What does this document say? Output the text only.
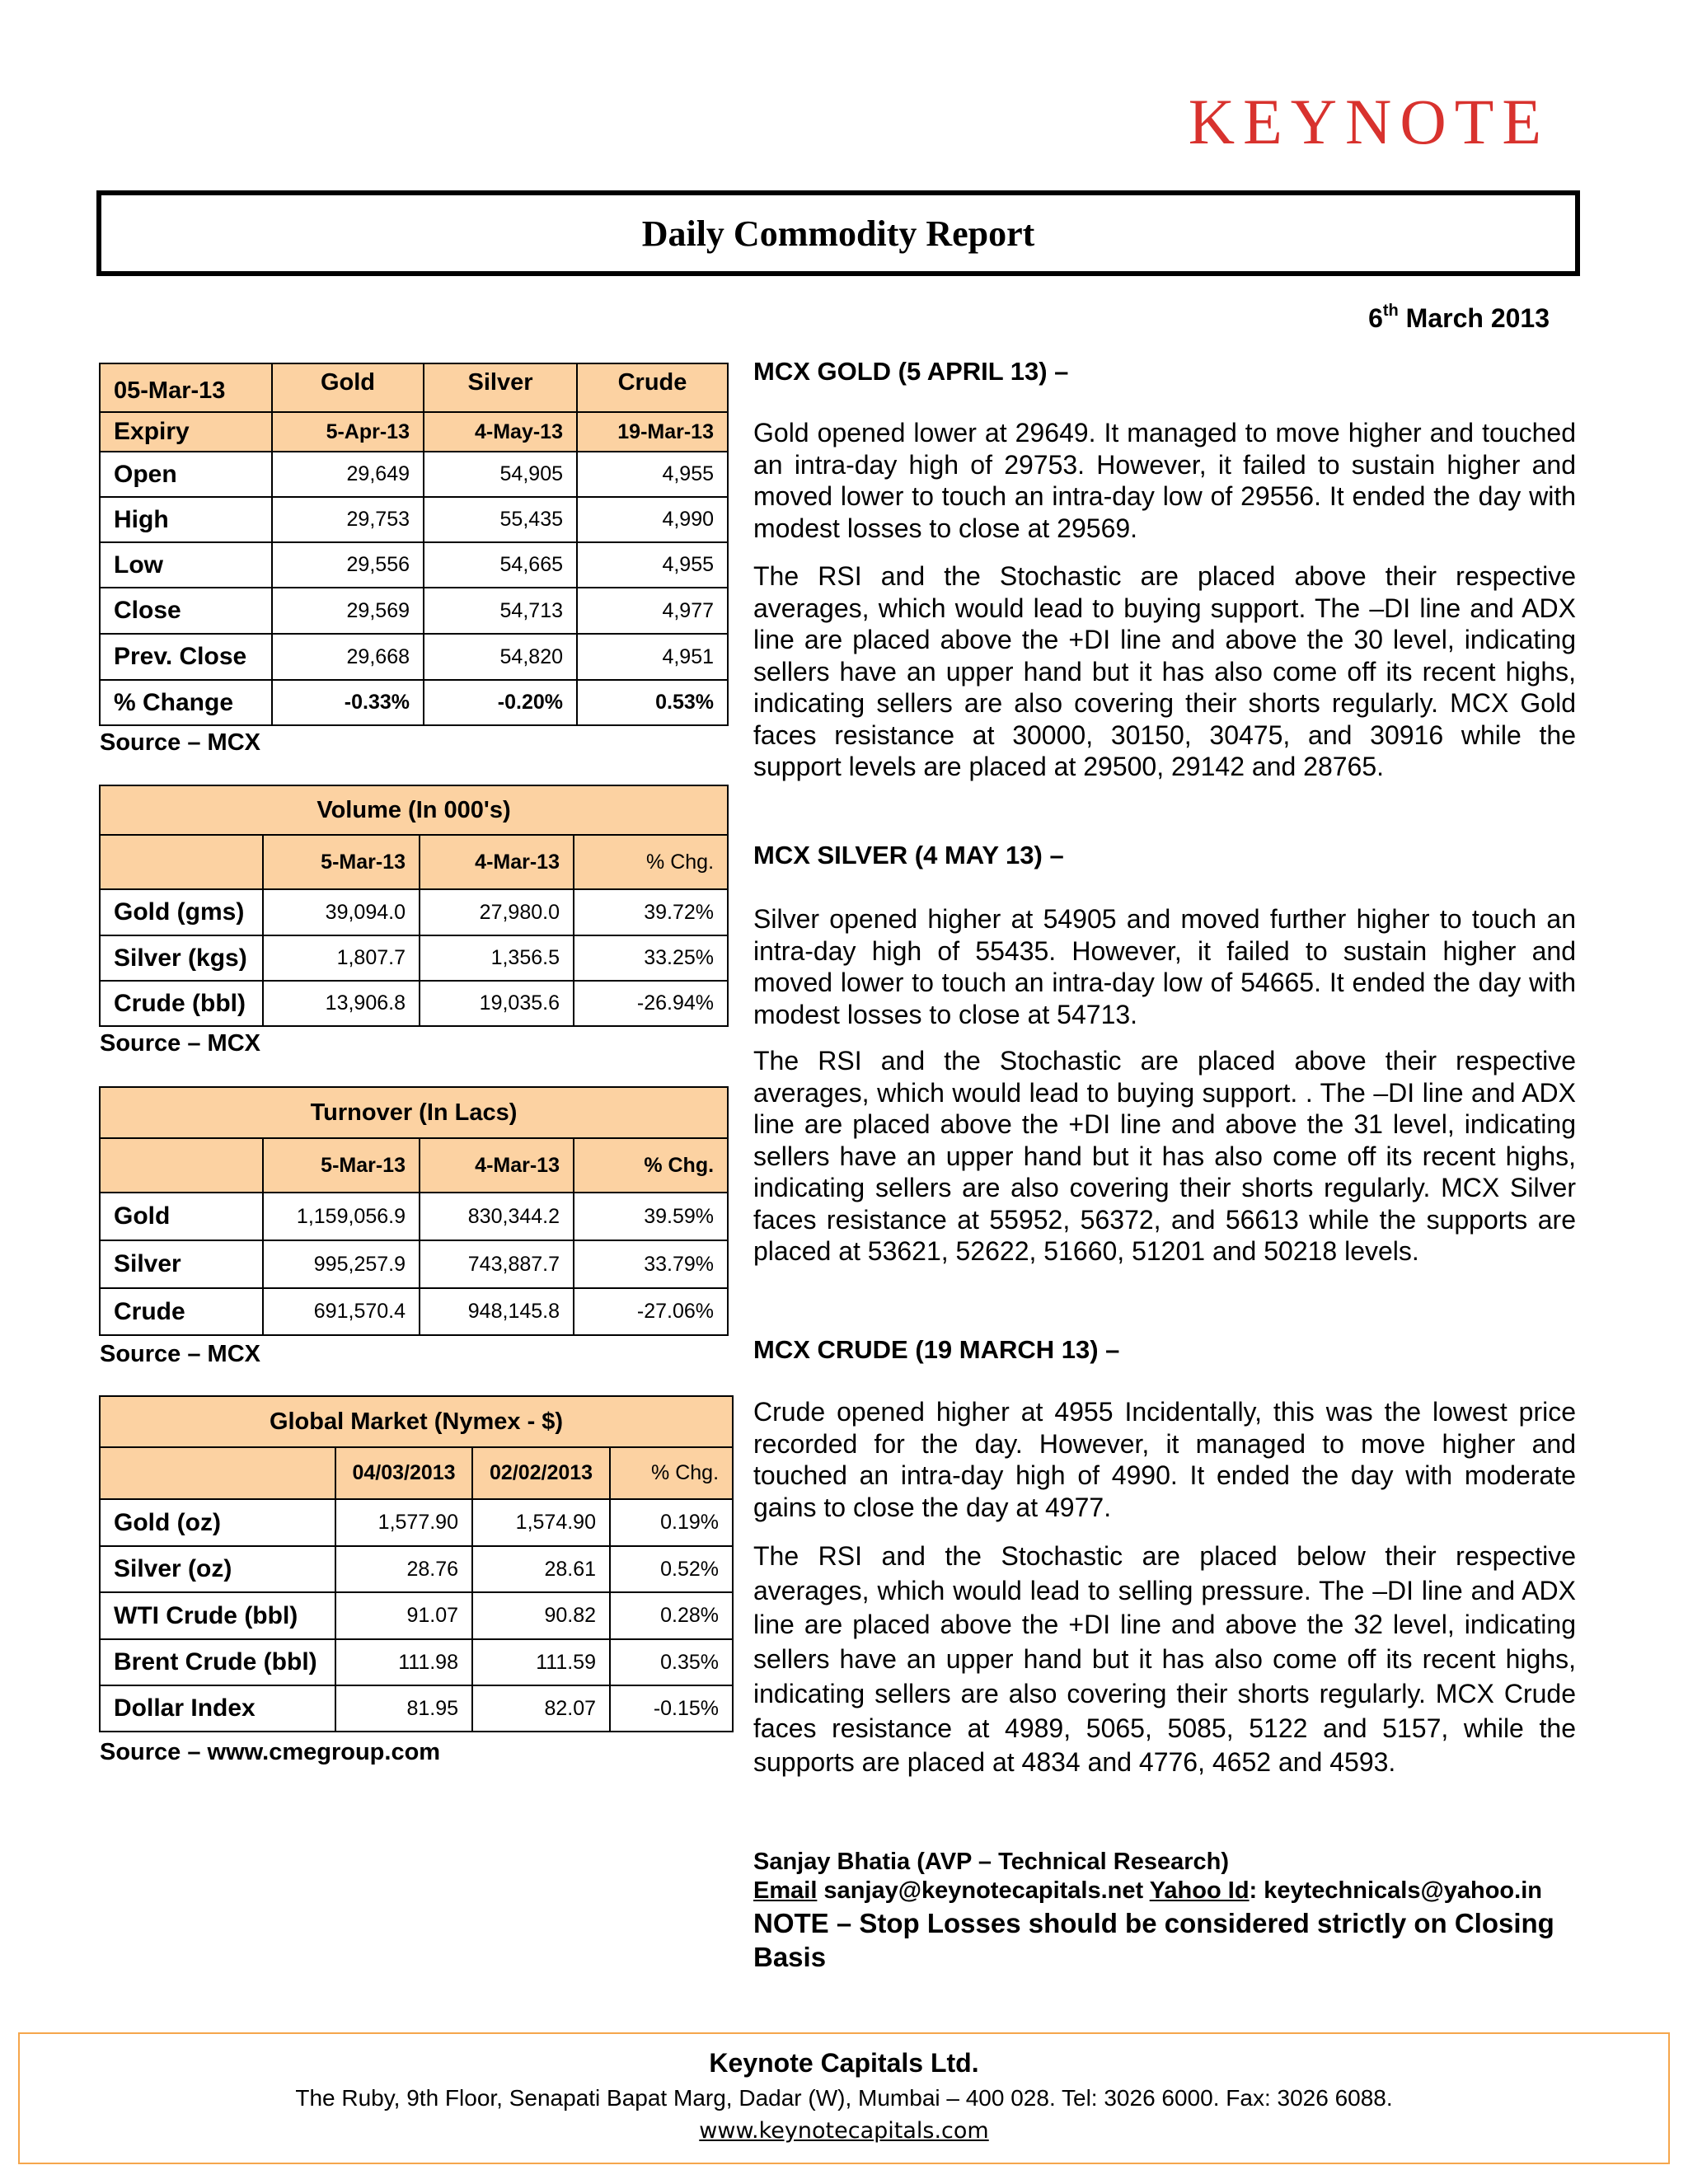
KEYNOTE
Daily Commodity Report
6th March 2013
05-Mar-13	Gold	Silver	Crude
Expiry	5-Apr-13	4-May-13	19-Mar-13
Open	29,649	54,905	4,955
High	29,753	55,435	4,990
Low	29,556	54,665	4,955
Close	29,569	54,713	4,977
Prev. Close	29,668	54,820	4,951
% Change	-0.33%	-0.20%	0.53%
Source – MCX
Volume (In 000's)			
	5-Mar-13	4-Mar-13	% Chg.
Gold (gms)	39,094.0	27,980.0	39.72%
Silver (kgs)	1,807.7	1,356.5	33.25%
Crude (bbl)	13,906.8	19,035.6	-26.94%
Source – MCX
Turnover (In Lacs)			
	5-Mar-13	4-Mar-13	% Chg.
Gold	1,159,056.9	830,344.2	39.59%
Silver	995,257.9	743,887.7	33.79%
Crude	691,570.4	948,145.8	-27.06%
Source – MCX
Global Market (Nymex - $)			
	04/03/2013	02/02/2013	% Chg.
Gold (oz)	1,577.90	1,574.90	0.19%
Silver (oz)	28.76	28.61	0.52%
WTI Crude (bbl)	91.07	90.82	0.28%
Brent Crude (bbl)	111.98	111.59	0.35%
Dollar Index	81.95	82.07	-0.15%
Source – www.cmegroup.com
MCX GOLD (5 APRIL 13) –

Gold opened lower at 29649. It managed to move higher and touched an intra-day high of 29753. However, it failed to sustain higher and moved lower to touch an intra-day low of 29556. It ended the day with modest losses to close at 29569.

The RSI and the Stochastic are placed above their respective averages, which would lead to buying support. The –DI line and ADX line are placed above the +DI line and above the 30 level, indicating sellers have an upper hand but it has also come off its recent highs, indicating sellers are also covering their shorts regularly. MCX Gold faces resistance at 30000, 30150, 30475, and 30916 while the support levels are placed at 29500, 29142 and 28765.

MCX SILVER (4 MAY 13) –

Silver opened higher at 54905 and moved further higher to touch an intra-day high of 55435. However, it failed to sustain higher and moved lower to touch an intra-day low of 54665. It ended the day with modest losses to close at 54713.

The RSI and the Stochastic are placed above their respective averages, which would lead to buying support. . The –DI line and ADX line are placed above the +DI line and above the 31 level, indicating sellers have an upper hand but it has also come off its recent highs, indicating sellers are also covering their shorts regularly. MCX Silver faces resistance at 55952, 56372, and 56613 while the supports are placed at 53621, 52622, 51660, 51201 and 50218 levels.

MCX CRUDE (19 MARCH 13) –

Crude opened higher at 4955 Incidentally, this was the lowest price recorded for the day. However, it managed to move higher and touched an intra-day high of 4990. It ended the day with moderate gains to close the day at 4977.

The RSI and the Stochastic are placed below their respective averages, which would lead to selling pressure. The –DI line and ADX line are placed above the +DI line and above the 32 level, indicating sellers have an upper hand but it has also come off its recent highs, indicating sellers are also covering their shorts regularly. MCX Crude faces resistance at 4989, 5065, 5085, 5122 and 5157, while the supports are placed at 4834 and 4776, 4652 and 4593.

Sanjay Bhatia (AVP – Technical Research)
Email sanjay@keynotecapitals.net Yahoo Id: keytechnicals@yahoo.in
NOTE – Stop Losses should be considered strictly on Closing Basis
Keynote Capitals Ltd.
The Ruby, 9th Floor, Senapati Bapat Marg, Dadar (W), Mumbai – 400 028. Tel: 3026 6000. Fax: 3026 6088.
www.keynotecapitals.com
